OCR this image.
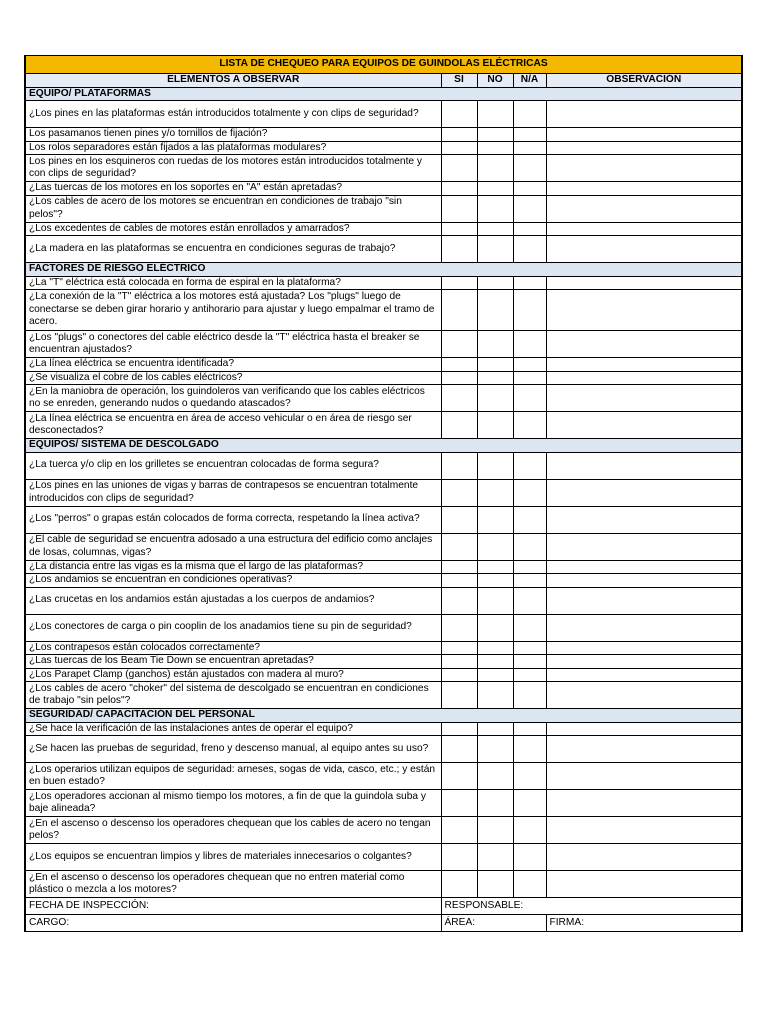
LISTA DE CHEQUEO PARA EQUIPOS DE GUINDOLAS ELÉCTRICAS				
ELEMENTOS A OBSERVAR	SI	NO	N/A	OBSERVACIÓN
EQUIPO/ PLATAFORMAS				
¿Los pines en las plataformas están introducidos totalmente y con clips de seguridad?				
Los pasamanos tienen pines y/o tornillos de fijación?				
Los rolos separadores están fijados a las plataformas modulares?				
Los pines en los esquineros con ruedas de los motores están introducidos totalmente y con clips de seguridad?				
¿Las tuercas de los motores en los soportes en "A" están apretadas?				
¿Los cables de acero de los motores se encuentran en condiciones de trabajo "sin pelos"?				
¿Los excedentes de cables de motores están enrollados y amarrados?				
¿La madera en las plataformas se encuentra en condiciones seguras de trabajo?				
FACTORES DE RIESGO ELÉCTRICO				
¿La "T" eléctrica está colocada en forma de espiral en la plataforma?				
¿La conexión de la "T" eléctrica a los motores está ajustada? Los "plugs" luego de conectarse se deben girar horario y antihorario para ajustar y luego empalmar el tramo de acero.				
¿Los "plugs" o conectores del cable eléctrico desde la "T" eléctrica hasta el breaker se encuentran ajustados?				
¿La línea eléctrica se encuentra identificada?				
¿Se visualiza el cobre de los cables eléctricos?				
¿En la maniobra de operación, los guindoleros van verificando que los cables eléctricos no se enreden, generando nudos o quedando atascados?				
¿La línea eléctrica se encuentra en área de acceso vehicular o en área de riesgo ser desconectados?				
EQUIPOS/ SISTEMA DE DESCOLGADO				
¿La tuerca y/o clip en los grilletes se encuentran colocadas de forma segura?				
¿Los pines en las uniones de vigas y barras de contrapesos se encuentran totalmente introducidos con clips de seguridad?				
¿Los "perros" o grapas están colocados de forma correcta, respetando la línea activa?				
¿El cable de seguridad se encuentra adosado a una estructura del edificio como anclajes de losas, columnas, vigas?				
¿La distancia entre las vigas es la misma que el largo de las plataformas?				
¿Los andamios se encuentran en condiciones operativas?				
¿Las crucetas en los andamios están ajustadas a los cuerpos de andamios?				
¿Los conectores de carga o pin cooplin de los anadamios tiene su pin de seguridad?				
¿Los contrapesos están colocados correctamente?				
¿Las tuercas de los Beam Tie Down se encuentran apretadas?				
¿Los Parapet Clamp (ganchos) están ajustados con madera al muro?				
¿Los cables de acero "choker" del sistema de descolgado se encuentran en condiciones de trabajo "sin pelos"?				
SEGURIDAD/ CAPACITACIÓN DEL PERSONAL				
¿Se hace la verificación de las instalaciones antes de operar el equipo?				
¿Se hacen las pruebas de seguridad, freno y descenso manual, al equipo antes su uso?				
¿Los operarios utilizan equipos de seguridad: arneses, sogas de vida, casco, etc.; y están en buen estado?				
¿Los operadores accionan al mismo tiempo los motores, a fin de que la guindola suba y baje alineada?				
¿En el ascenso o descenso los operadores chequean que los cables de acero no tengan pelos?				
¿Los equipos se encuentran limpios y libres de materiales innecesarios o colgantes?				
¿En el ascenso o descenso los operadores chequean que no entren material como plástico o mezcla a los motores?				
FECHA DE INSPECCIÓN:	RESPONSABLE:			
CARGO:	ÁREA:			FIRMA:
